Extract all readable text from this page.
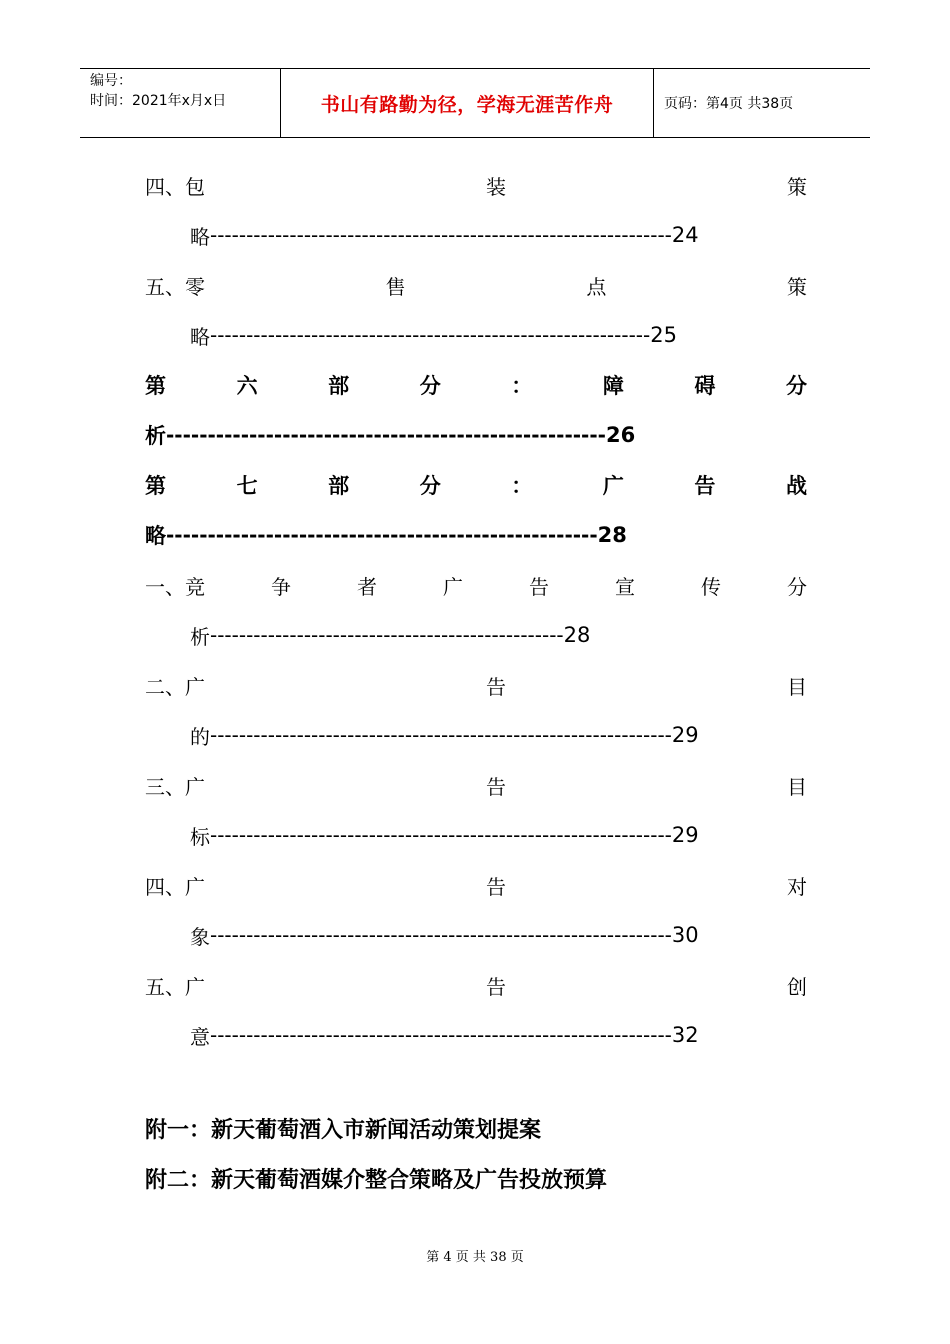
编号：
时间：2021年x月x日	书山有路勤为径，学海无涯苦作舟	页码：第4页 共38页
四、包	装	策
略 ---------------------------------------------------------------- 24
五、零	售	点	策
略 ------------------------------------------------------------- 25
第	六	部	分	：	障	碍	分
析 ----------------------------------------------------- 26
第	七	部	分	：	广	告	战
略 ---------------------------------------------------- 28
一、竞	争	者	广	告	宣	传	分
析 ------------------------------------------------- 28
二、广	告	目
的 ---------------------------------------------------------------- 29
三、广	告	目
标 ---------------------------------------------------------------- 29
四、广	告	对
象 ---------------------------------------------------------------- 30
五、广	告	创
意 ---------------------------------------------------------------- 32
附一：新天葡萄酒入市新闻活动策划提案
附二：新天葡萄酒媒介整合策略及广告投放预算
第 4 页 共 38 页
